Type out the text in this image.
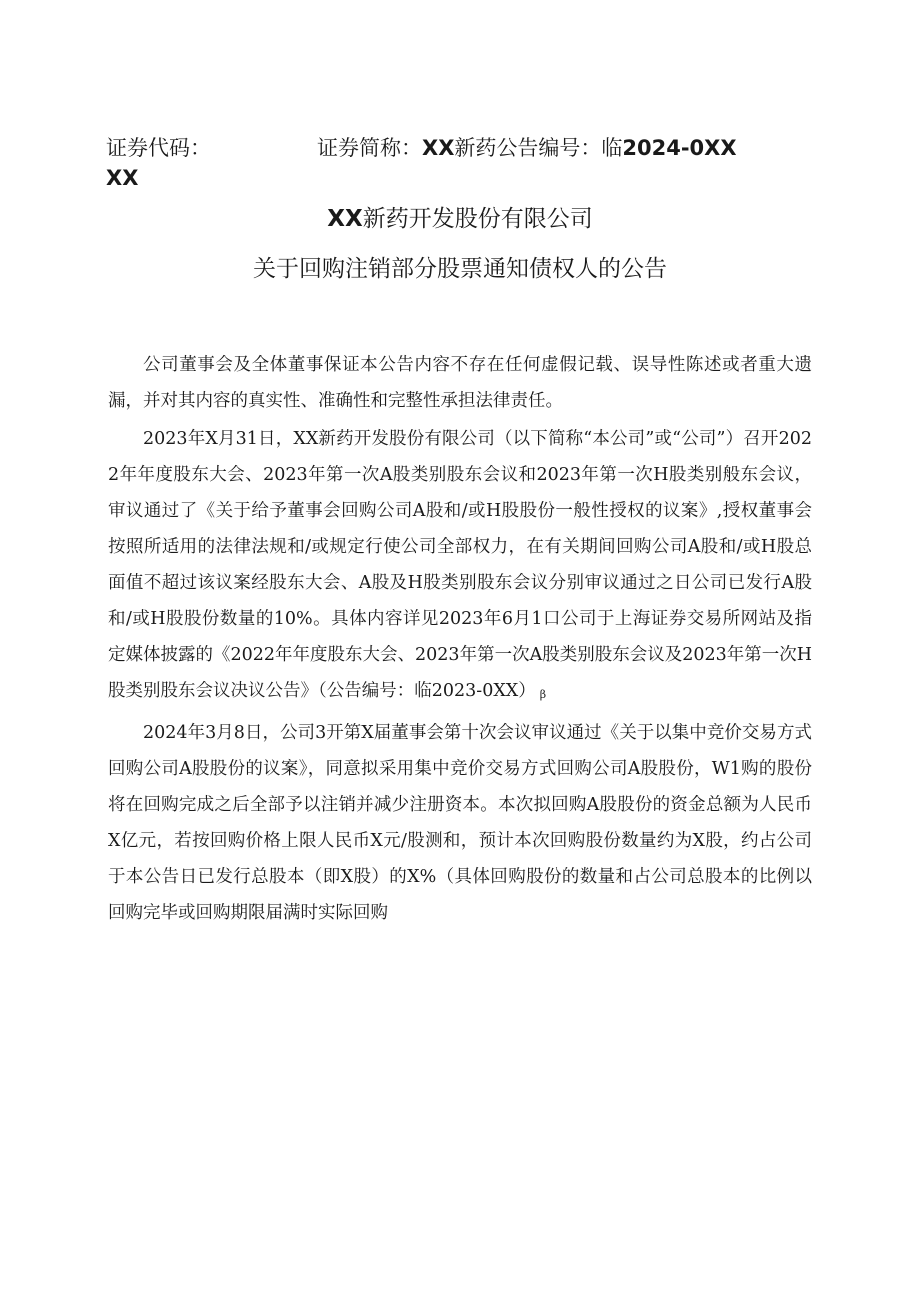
证券代码：	证券简称：XX新药公告编号：临2024-0XX
XX
XX新药开发股份有限公司
关于回购注销部分股票通知债权人的公告

公司董事会及全体董事保证本公告内容不存在任何虚假记载、误导性陈述或者重大遗漏，并对其内容的真实性、准确性和完整性承担法律责任。

2023年X月31日，XX新药开发股份有限公司（以下简称“本公司”或“公司”）召开2022年年度股东大会、2023年第一次A股类别股东会议和2023年第一次H股类别般东会议，审议通过了《关于给予董事会回购公司A股和/或H股股份一般性授权的议案》,授权董事会按照所适用的法律法规和/或规定行使公司全部权力，在有关期间回购公司A股和/或H股总面值不超过该议案经股东大会、A股及H股类别股东会议分别审议通过之日公司已发行A股和/或H股股份数量的10%。具体内容详见2023年6月1口公司于上海证券交易所网站及指定媒体披露的《2022年年度股东大会、2023年第一次A股类别股东会议及2023年第一次H股类别股东会议决议公告》（公告编号：临2023-0XX） β

2024年3月8日，公司3开第X届董事会第十次会议审议通过《关于以集中竞价交易方式回购公司A股股份的议案》，同意拟采用集中竞价交易方式回购公司A股股份，W1购的股份将在回购完成之后全部予以注销并减少注册资本。本次拟回购A股股份的资金总额为人民币X亿元，若按回购价格上限人民币X元/股测和，预计本次回购股份数量约为X股，约占公司于本公告日已发行总股本（即X股）的X%（具体回购股份的数量和占公司总股本的比例以回购完毕或回购期限届满时实际回购
